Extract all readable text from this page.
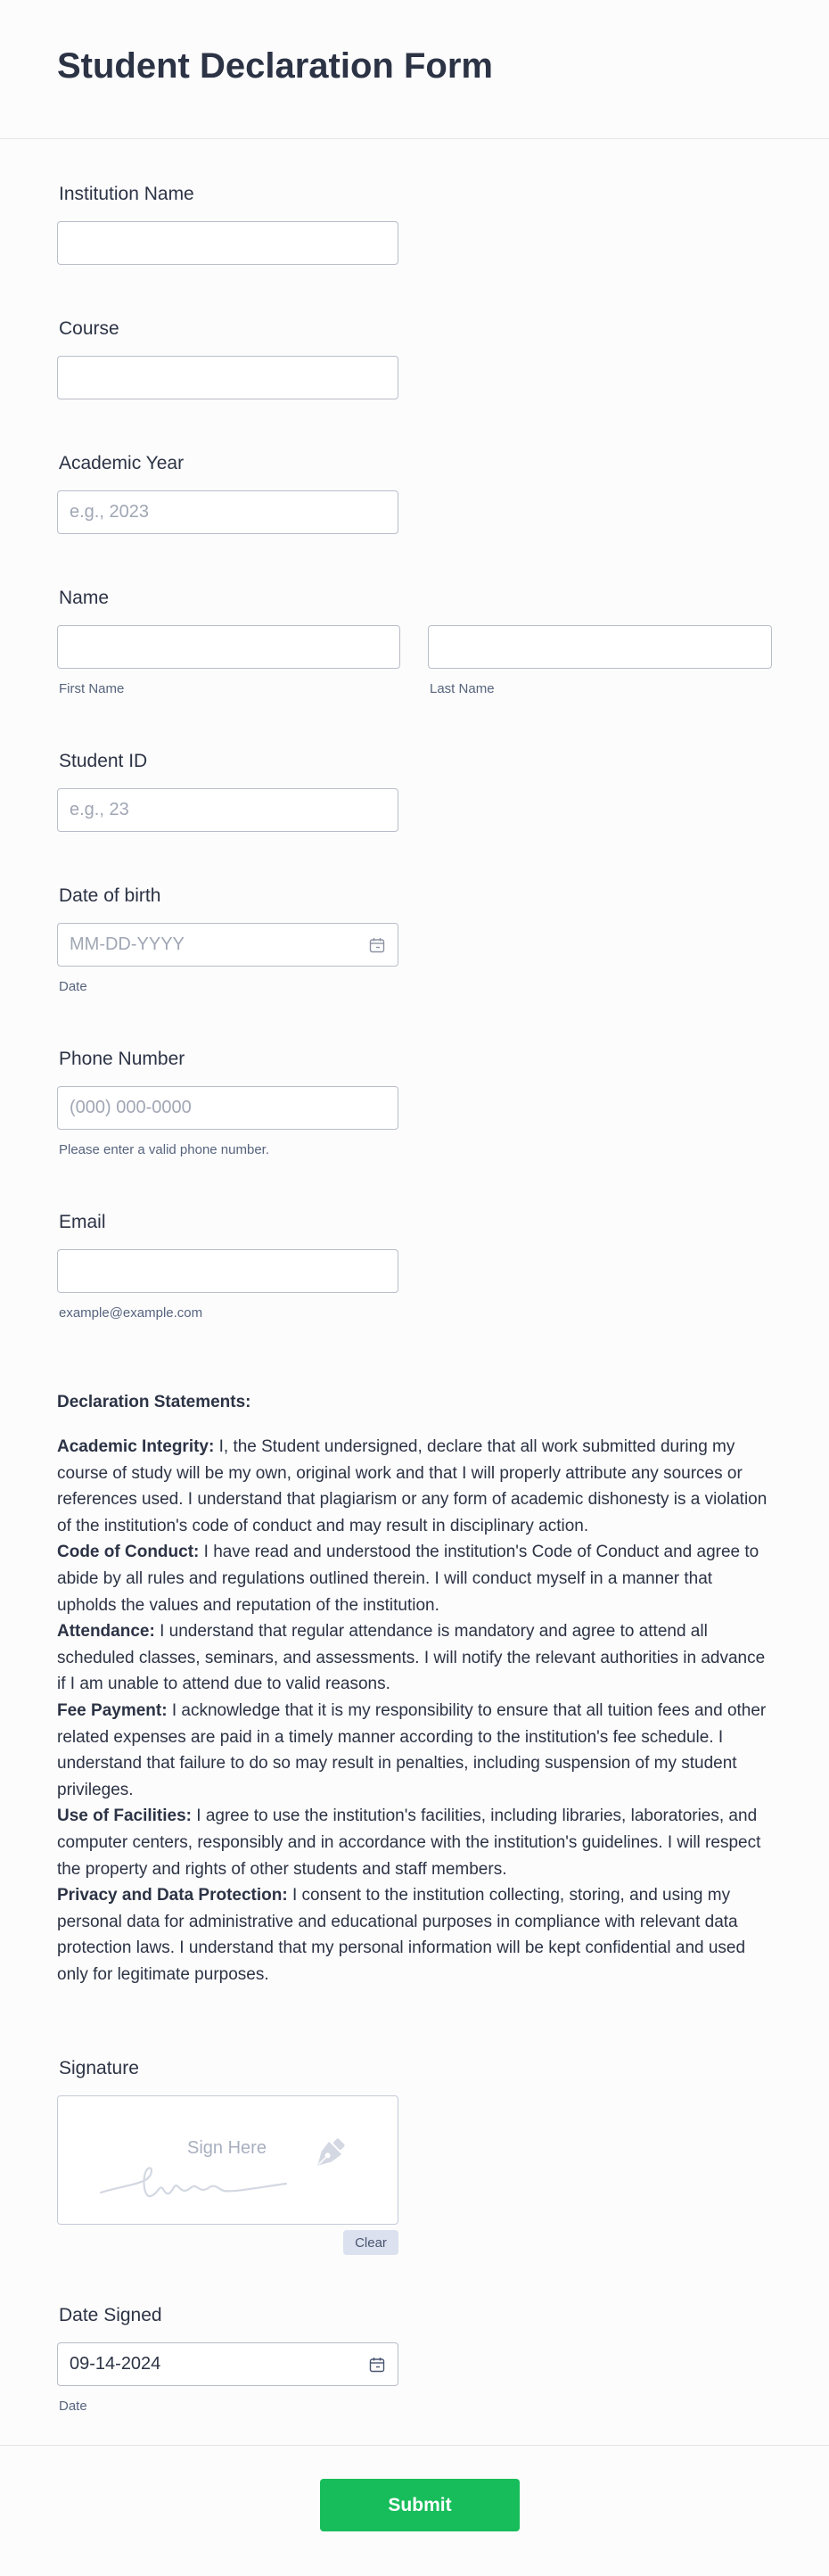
Student Declaration Form
Institution Name
Course
Academic Year
e.g., 2023
Name
First Name	Last Name
Student ID
e.g., 23
Date of birth
MM-DD-YYYY
Date
Phone Number
(000) 000-0000
Please enter a valid phone number.
Email
example@example.com
Declaration Statements:
Academic Integrity: I, the Student undersigned, declare that all work submitted during my course of study will be my own, original work and that I will properly attribute any sources or references used. I understand that plagiarism or any form of academic dishonesty is a violation of the institution's code of conduct and may result in disciplinary action.
Code of Conduct: I have read and understood the institution's Code of Conduct and agree to abide by all rules and regulations outlined therein. I will conduct myself in a manner that upholds the values and reputation of the institution.
Attendance: I understand that regular attendance is mandatory and agree to attend all scheduled classes, seminars, and assessments. I will notify the relevant authorities in advance if I am unable to attend due to valid reasons.
Fee Payment: I acknowledge that it is my responsibility to ensure that all tuition fees and other related expenses are paid in a timely manner according to the institution's fee schedule. I understand that failure to do so may result in penalties, including suspension of my student privileges.
Use of Facilities: I agree to use the institution's facilities, including libraries, laboratories, and computer centers, responsibly and in accordance with the institution's guidelines. I will respect the property and rights of other students and staff members.
Privacy and Data Protection: I consent to the institution collecting, storing, and using my personal data for administrative and educational purposes in compliance with relevant data protection laws. I understand that my personal information will be kept confidential and used only for legitimate purposes.
Signature
Sign Here
Clear
Date Signed
09-14-2024
Date
Submit
